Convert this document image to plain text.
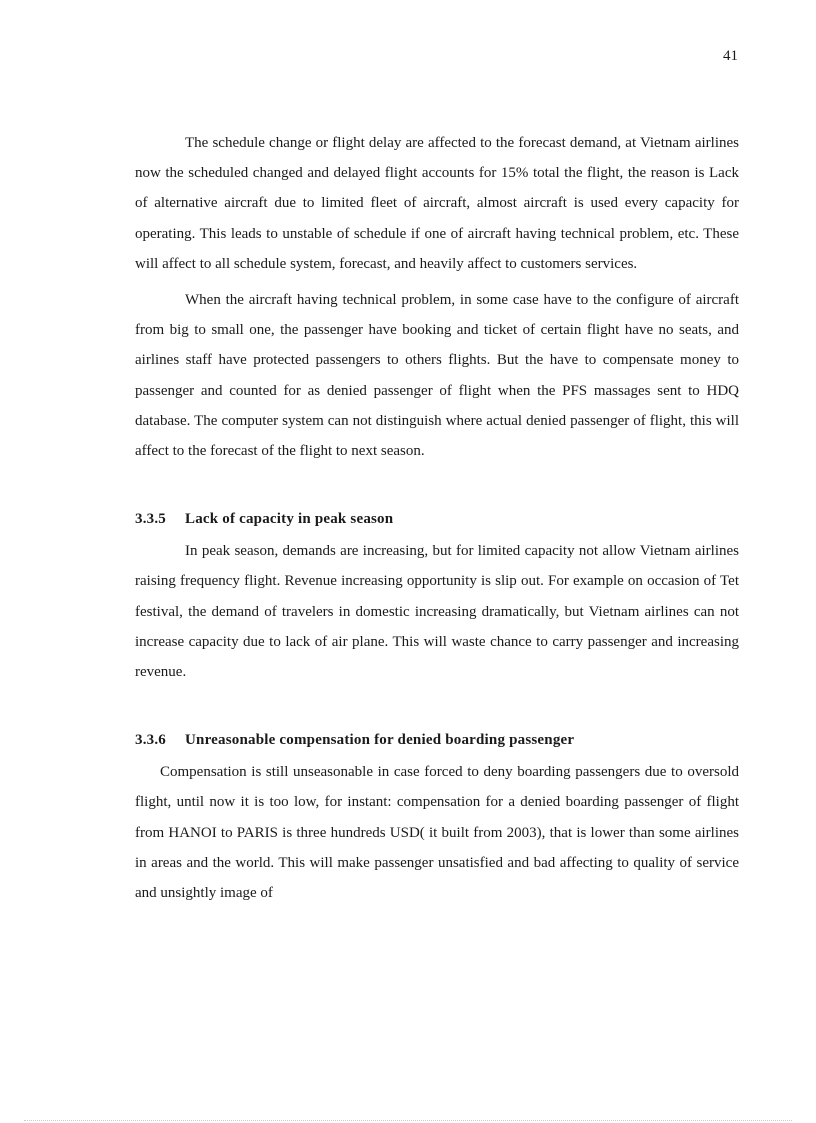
41

The schedule change or flight delay are affected to the forecast demand, at Vietnam airlines now the scheduled changed and delayed flight accounts for 15% total the flight, the reason is Lack of alternative aircraft due to limited fleet of aircraft, almost aircraft is used every capacity for operating. This leads to unstable of schedule if one of aircraft having technical problem, etc. These will affect to all schedule system, forecast, and heavily affect to customers services.

When the aircraft having technical problem, in some case have to the configure of aircraft from big to small one, the passenger have booking and ticket of certain flight have no seats, and airlines staff have protected passengers to others flights. But the have to compensate money to passenger and counted for as denied passenger of flight when the PFS massages sent to HDQ database. The computer system can not distinguish where actual denied passenger of flight, this will affect to the forecast of the flight to next season.

3.3.5 Lack of capacity in peak season

In peak season, demands are increasing, but for limited capacity not allow Vietnam airlines raising frequency flight. Revenue increasing opportunity is slip out. For example on occasion of Tet festival, the demand of travelers in domestic increasing dramatically, but Vietnam airlines can not increase capacity due to lack of air plane. This will waste chance to carry passenger and increasing revenue.

3.3.6 Unreasonable compensation for denied boarding passenger

Compensation is still unseasonable in case forced to deny boarding passengers due to oversold flight, until now it is too low, for instant: compensation for a denied boarding passenger of flight from HANOI to PARIS is three hundreds USD( it built from 2003), that is lower than some airlines in areas and the world. This will make passenger unsatisfied and bad affecting to quality of service and unsightly image of
